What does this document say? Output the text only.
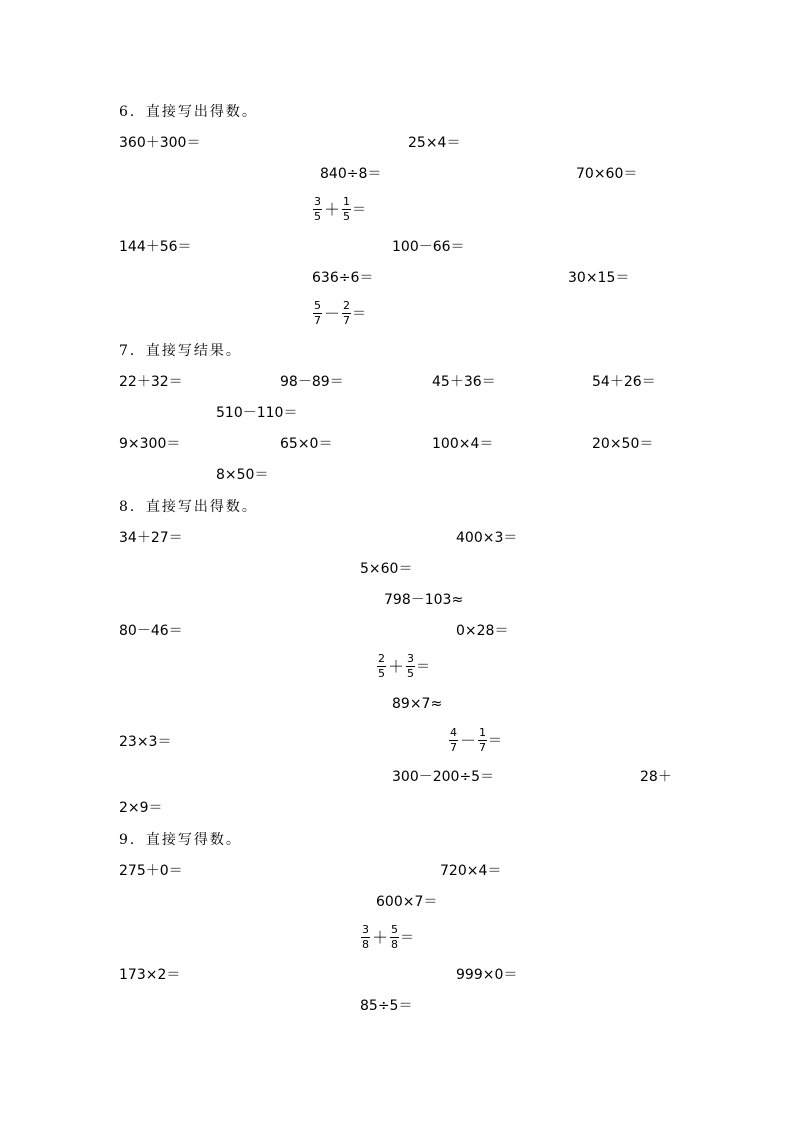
6．直接写出得数。
360＋300＝	25×4＝
840÷8＝	70×60＝
$\frac{3}{5} + \frac{1}{5}$ ＝
144＋56＝	100－66＝
636÷6＝	30×15＝
$\frac{5}{7} - \frac{2}{7}$ ＝
7．直接写结果。
22＋32＝	98－89＝	45＋36＝	54＋26＝
510－110＝
9×300＝	65×0＝	100×4＝	20×50＝
8×50＝
8．直接写出得数。
34＋27＝	400×3＝
5×60＝
798－103≈
80－46＝	0×28＝
$\frac{2}{5} + \frac{3}{5}$ ＝
89×7≈
23×3＝	$\frac{4}{7} - \frac{1}{7}$ ＝
300－200÷5＝	28＋
2×9＝
9．直接写得数。
275＋0＝	720×4＝
600×7＝
$\frac{3}{8} + \frac{5}{8}$ ＝
173×2＝	999×0＝
85÷5＝
